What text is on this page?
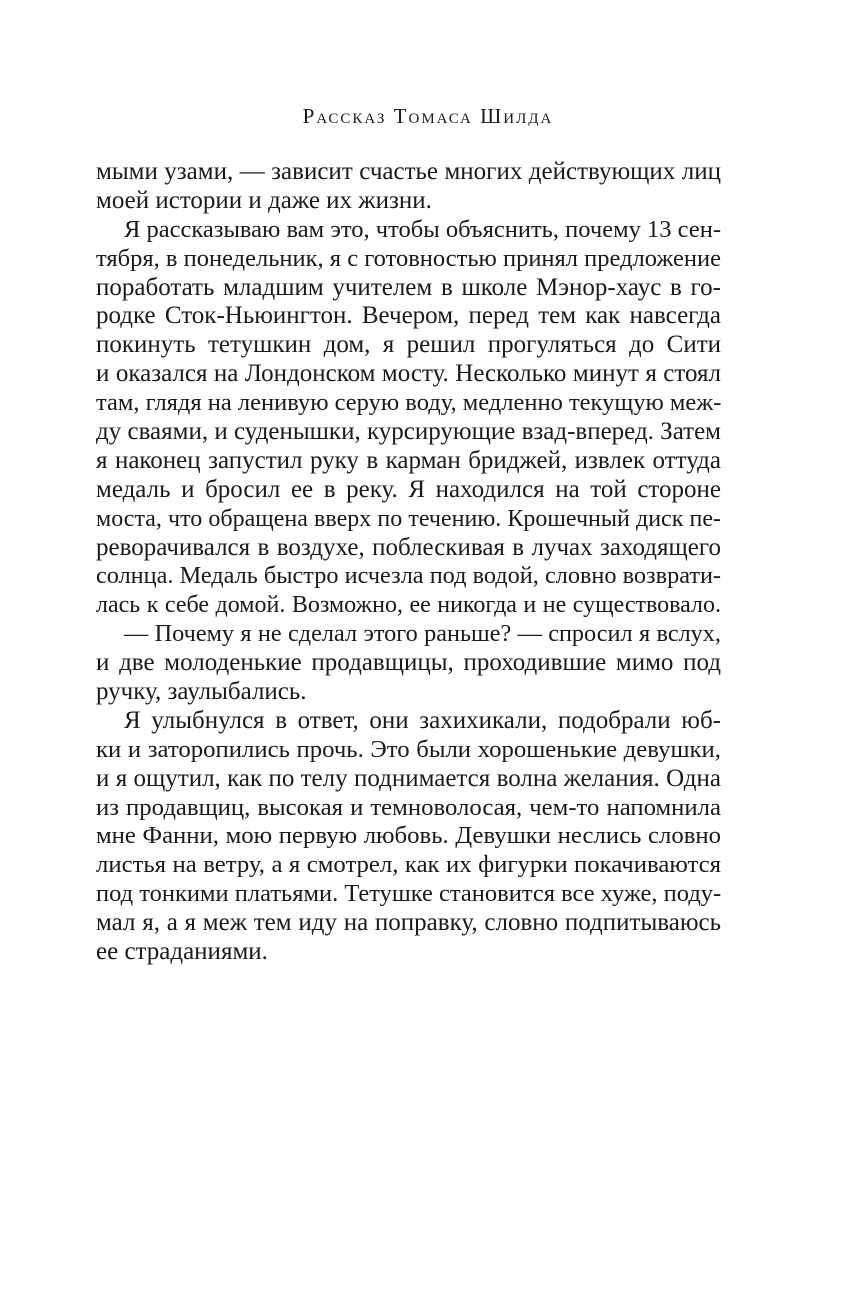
Рассказ Томаса Шилда
мыми узами, — зависит счастье многих действующих лиц
моей истории и даже их жизни.
Я рассказываю вам это, чтобы объяснить, почему 13 сен-
тября, в понедельник, я с готовностью принял предложение
поработать младшим учителем в школе Мэнор-хаус в го-
родке Сток-Ньюингтон. Вечером, перед тем как навсегда
покинуть тетушкин дом, я решил прогуляться до Сити
и оказался на Лондонском мосту. Несколько минут я стоял
там, глядя на ленивую серую воду, медленно текущую меж-
ду сваями, и суденышки, курсирующие взад-вперед. Затем
я наконец запустил руку в карман бриджей, извлек оттуда
медаль и бросил ее в реку. Я находился на той стороне
моста, что обращена вверх по течению. Крошечный диск пе-
реворачивался в воздухе, поблескивая в лучах заходящего
солнца. Медаль быстро исчезла под водой, словно возврати-
лась к себе домой. Возможно, ее никогда и не существовало.
— Почему я не сделал этого раньше? — спросил я вслух,
и две молоденькие продавщицы, проходившие мимо под
ручку, заулыбались.
Я улыбнулся в ответ, они захихикали, подобрали юб-
ки и заторопились прочь. Это были хорошенькие девушки,
и я ощутил, как по телу поднимается волна желания. Одна
из продавщиц, высокая и темноволосая, чем-то напомнила
мне Фанни, мою первую любовь. Девушки неслись словно
листья на ветру, а я смотрел, как их фигурки покачиваются
под тонкими платьями. Тетушке становится все хуже, поду-
мал я, а я меж тем иду на поправку, словно подпитываюсь
ее страданиями.
